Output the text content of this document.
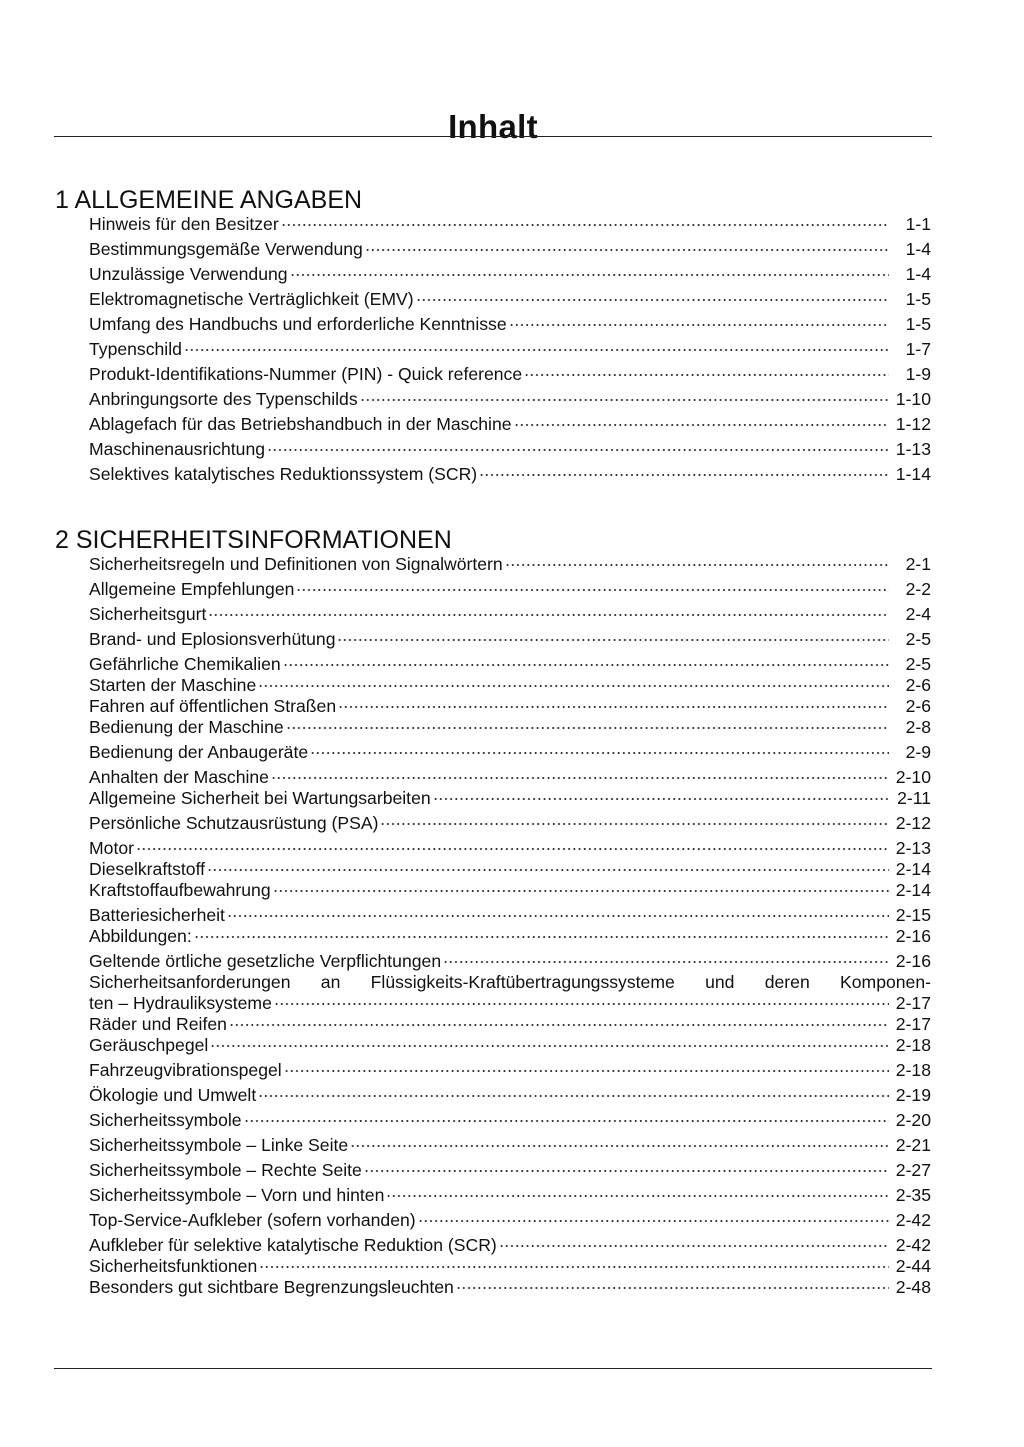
Inhalt
1 ALLGEMEINE ANGABEN
Hinweis für den Besitzer	1-1
Bestimmungsgemäße Verwendung	1-4
Unzulässige Verwendung	1-4
Elektromagnetische Verträglichkeit (EMV)	1-5
Umfang des Handbuchs und erforderliche Kenntnisse	1-5
Typenschild	1-7
Produkt-Identifikations-Nummer (PIN) - Quick reference	1-9
Anbringungsorte des Typenschilds	1-10
Ablagefach für das Betriebshandbuch in der Maschine	1-12
Maschinenausrichtung	1-13
Selektives katalytisches Reduktionssystem (SCR)	1-14
2 SICHERHEITSINFORMATIONEN
Sicherheitsregeln und Definitionen von Signalwörtern	2-1
Allgemeine Empfehlungen	2-2
Sicherheitsgurt	2-4
Brand- und Eplosionsverhütung	2-5
Gefährliche Chemikalien	2-5
Starten der Maschine	2-6
Fahren auf öffentlichen Straßen	2-6
Bedienung der Maschine	2-8
Bedienung der Anbaugeräte	2-9
Anhalten der Maschine	2-10
Allgemeine Sicherheit bei Wartungsarbeiten	2-11
Persönliche Schutzausrüstung (PSA)	2-12
Motor	2-13
Dieselkraftstoff	2-14
Kraftstoffaufbewahrung	2-14
Batteriesicherheit	2-15
Abbildungen:	2-16
Geltende örtliche gesetzliche Verpflichtungen	2-16
Sicherheitsanforderungen an Flüssigkeits-Kraftübertragungssysteme und deren Komponen-
ten – Hydrauliksysteme	2-17
Räder und Reifen	2-17
Geräuschpegel	2-18
Fahrzeugvibrationspegel	2-18
Ökologie und Umwelt	2-19
Sicherheitssymbole	2-20
Sicherheitssymbole – Linke Seite	2-21
Sicherheitssymbole – Rechte Seite	2-27
Sicherheitssymbole – Vorn und hinten	2-35
Top-Service-Aufkleber (sofern vorhanden)	2-42
Aufkleber für selektive katalytische Reduktion (SCR)	2-42
Sicherheitsfunktionen	2-44
Besonders gut sichtbare Begrenzungsleuchten	2-48
